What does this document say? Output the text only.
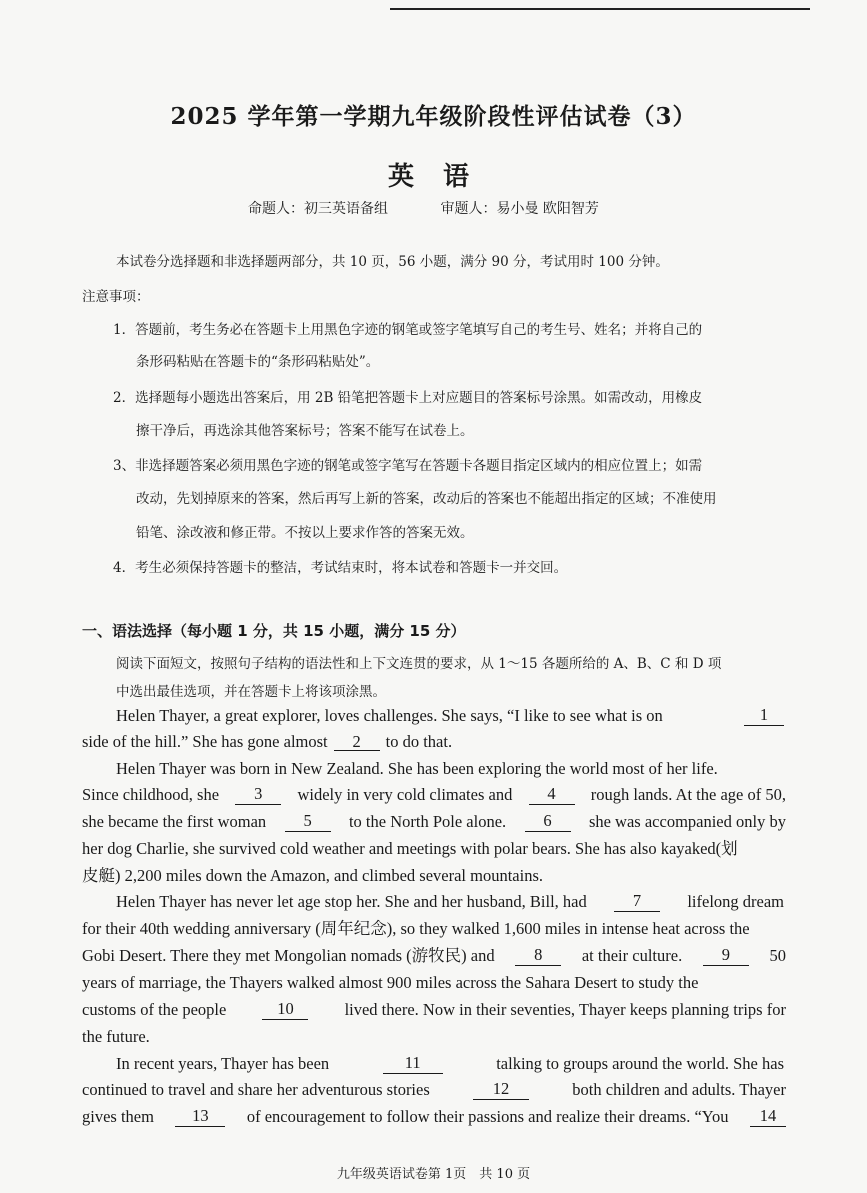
2025 学年第一学期九年级阶段性评估试卷（3）
英 语
命题人：初三英语备组	审题人：易小曼 欧阳智芳
本试卷分选择题和非选择题两部分，共 10 页，56 小题，满分 90 分，考试用时 100 分钟。
注意事项：
1．答题前，考生务必在答题卡上用黑色字迹的钢笔或签字笔填写自己的考生号、姓名；并将自己的
条形码粘贴在答题卡的“条形码粘贴处”。
2．选择题每小题选出答案后，用 2B 铅笔把答题卡上对应题目的答案标号涂黑。如需改动，用橡皮
擦干净后，再选涂其他答案标号；答案不能写在试卷上。
3、非选择题答案必须用黑色字迹的钢笔或签字笔写在答题卡各题目指定区域内的相应位置上；如需
改动，先划掉原来的答案，然后再写上新的答案，改动后的答案也不能超出指定的区域；不准使用
铅笔、涂改液和修正带。不按以上要求作答的答案无效。
4．考生必须保持答题卡的整洁，考试结束时，将本试卷和答题卡一并交回。
一、语法选择（每小题 1 分，共 15 小题，满分 15 分）
阅读下面短文，按照句子结构的语法性和上下文连贯的要求，从 1～15 各题所给的 A、B、C 和 D 项
中选出最佳选项，并在答题卡上将该项涂黑。
Helen Thayer, a great explorer, loves challenges. She says, “I like to see what is on	1
side of the hill.” She has gone almost 2 to do that.
Helen Thayer was born in New Zealand. She has been exploring the world most of her life.
Since childhood, she	3	widely in very cold climates and	4	rough lands. At the age of 50,
she became the first woman	5	to the North Pole alone.	6	she was accompanied only by
her dog Charlie, she survived cold weather and meetings with polar bears. She has also kayaked(划
皮艇) 2,200 miles down the Amazon, and climbed several mountains.
Helen Thayer has never let age stop her. She and her husband, Bill, had	7	lifelong dream
for their 40th wedding anniversary (周年纪念), so they walked 1,600 miles in intense heat across the
Gobi Desert. There they met Mongolian nomads (游牧民) and	8	at their culture.	9	50
years of marriage, the Thayers walked almost 900 miles across the Sahara Desert to study the
customs of the people	10	lived there. Now in their seventies, Thayer keeps planning trips for
the future.
In recent years, Thayer has been	11	talking to groups around the world. She has
continued to travel and share her adventurous stories	12	both children and adults. Thayer
gives them	13	of encouragement to follow their passions and realize their dreams. “You	14
九年级英语试卷第 1页　共 10 页
